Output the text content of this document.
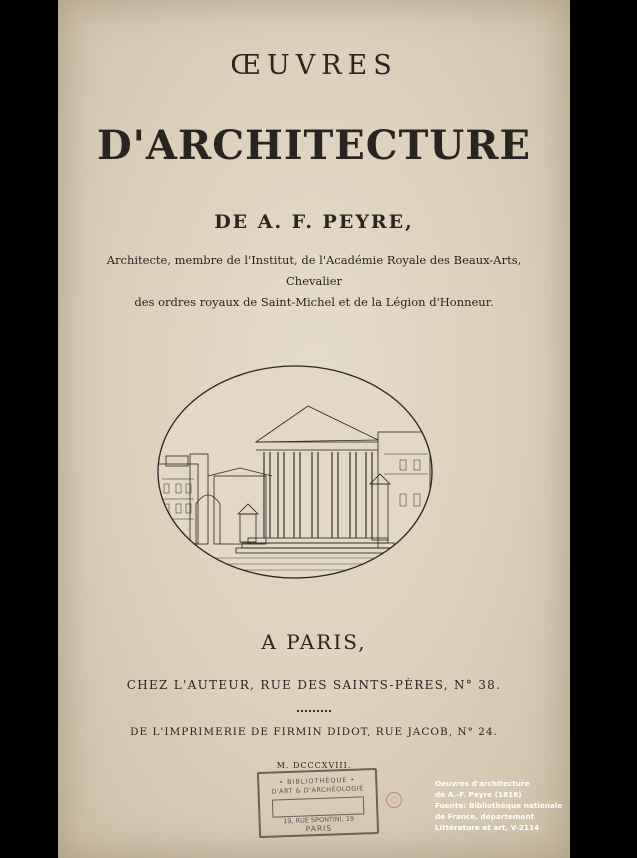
ŒUVRES
D'ARCHITECTURE
DE A. F. PEYRE,
Architecte, membre de l'Institut, de l'Académie Royale des Beaux-Arts, Chevalier
des ordres royaux de Saint-Michel et de la Légion d'Honneur.
A PARIS,
CHEZ L'AUTEUR, RUE DES SAINTS-PÈRES, N° 38.
DE L'IMPRIMERIE DE FIRMIN DIDOT, RUE JACOB, N° 24.
M. DCCCXVIII.
• BIBLIOTHÈQUE •
D'ART & D'ARCHÉOLOGIE
19, RUE SPONTINI, 19
PARIS
◌
Oeuvres d'architecture
de A.-F. Peyre (1818)
Fuente: Bibliothèque nationale
de France, département
Littérature et art, V-2114
